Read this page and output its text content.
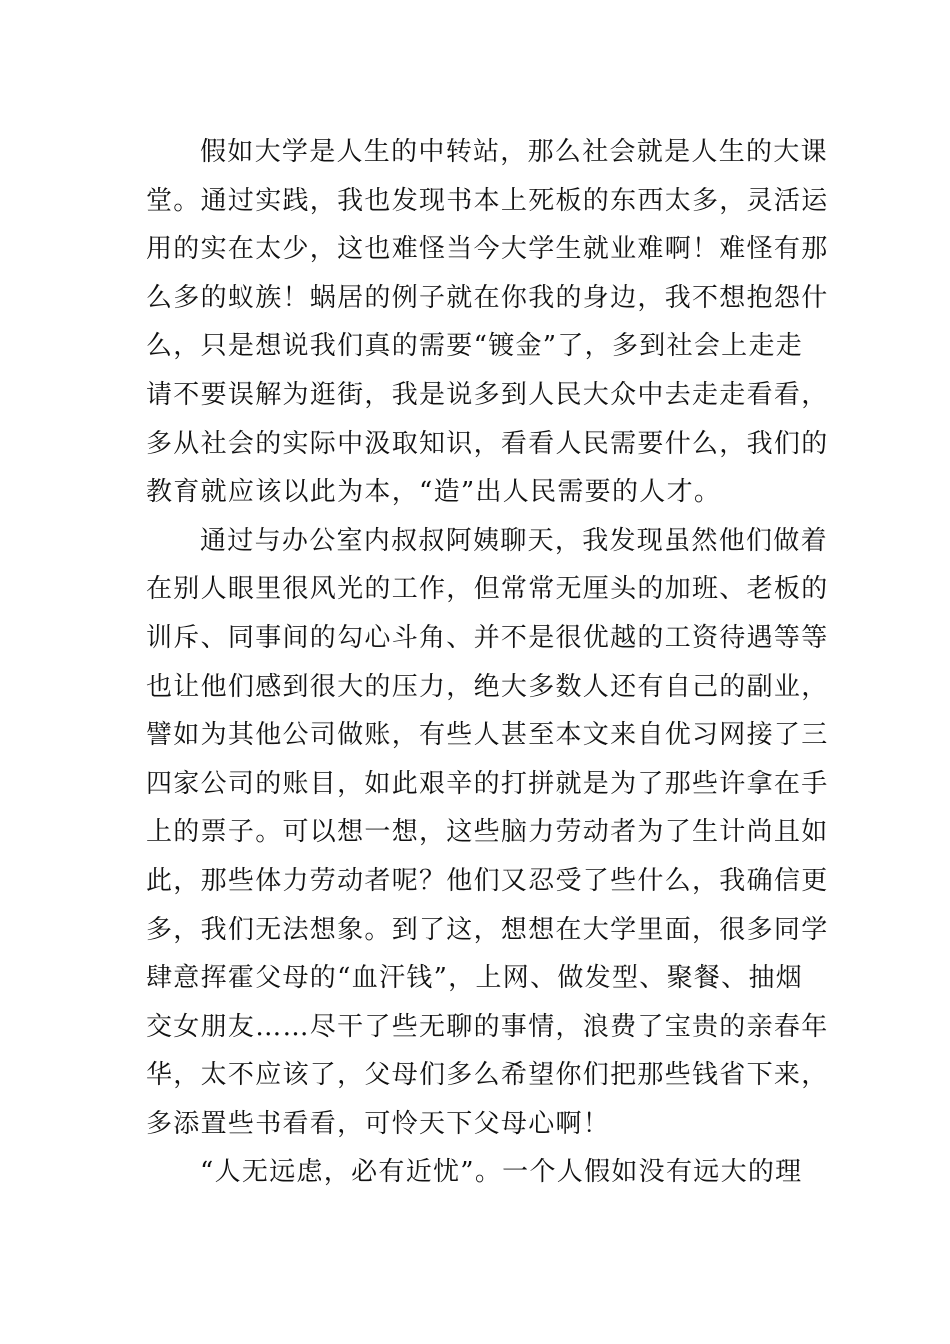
假如大学是人生的中转站，那么社会就是人生的大课
堂。通过实践，我也发现书本上死板的东西太多，灵活运
用的实在太少，这也难怪当今大学生就业难啊！难怪有那
么多的蚁族！蜗居的例子就在你我的身边，我不想抱怨什
么，只是想说我们真的需要“镀金”了，多到社会上走走
请不要误解为逛街，我是说多到人民大众中去走走看看，
多从社会的实际中汲取知识，看看人民需要什么，我们的
教育就应该以此为本，“造”出人民需要的人才。
通过与办公室内叔叔阿姨聊天，我发现虽然他们做着
在别人眼里很风光的工作，但常常无厘头的加班、老板的
训斥、同事间的勾心斗角、并不是很优越的工资待遇等等
也让他们感到很大的压力，绝大多数人还有自己的副业，
譬如为其他公司做账，有些人甚至本文来自优习网接了三
四家公司的账目，如此艰辛的打拼就是为了那些许拿在手
上的票子。可以想一想，这些脑力劳动者为了生计尚且如
此，那些体力劳动者呢？他们又忍受了些什么，我确信更
多，我们无法想象。到了这，想想在大学里面，很多同学
肆意挥霍父母的“血汗钱”，上网、做发型、聚餐、抽烟
交女朋友……尽干了些无聊的事情，浪费了宝贵的亲春年
华，太不应该了，父母们多么希望你们把那些钱省下来，
多添置些书看看，可怜天下父母心啊！
“人无远虑，必有近忧”。一个人假如没有远大的理
